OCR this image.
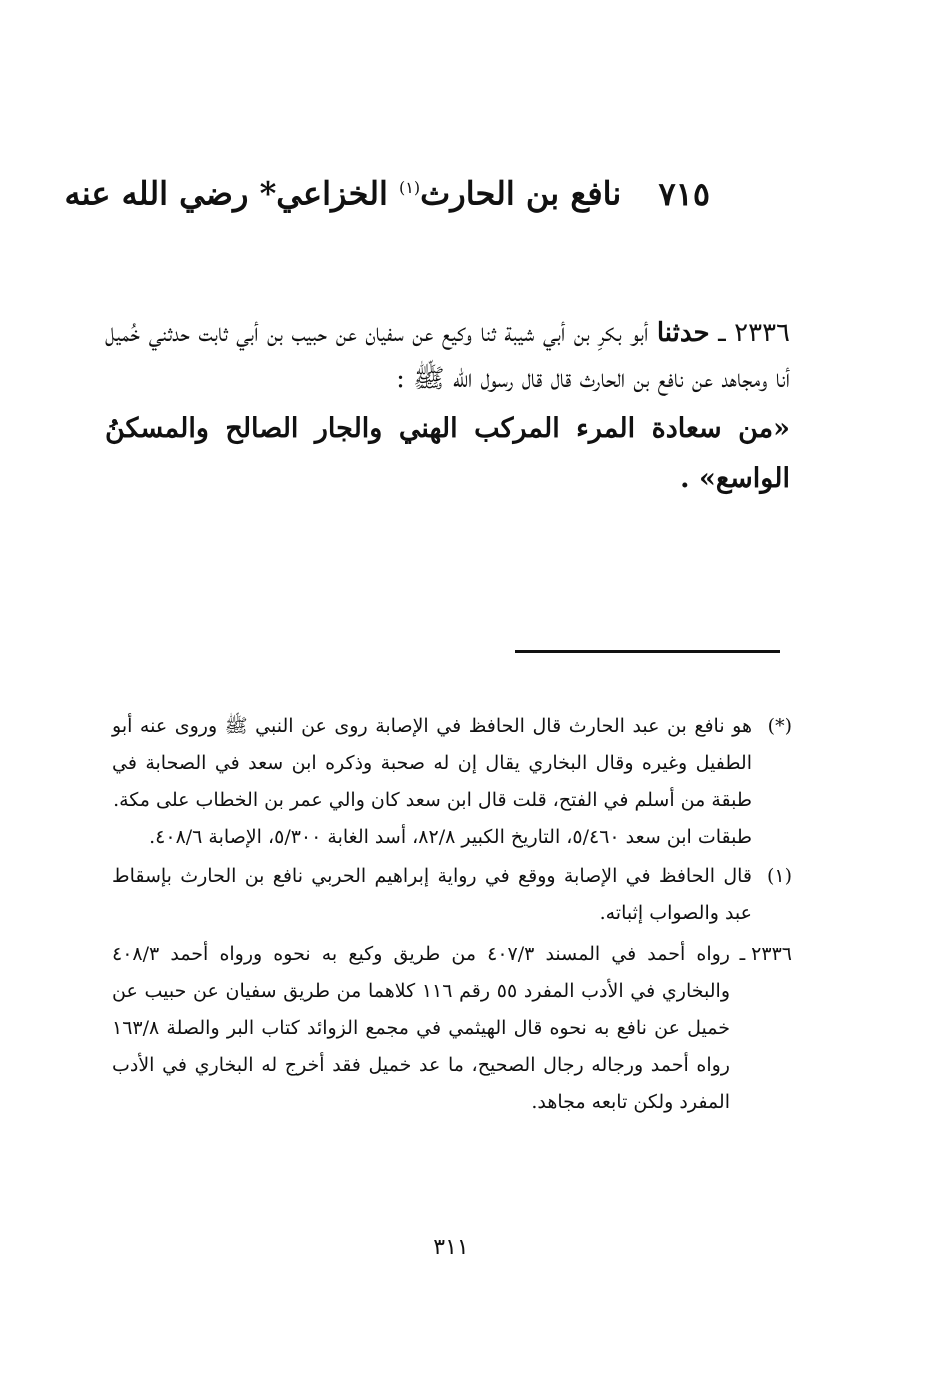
٧١٥ نافع بن الحارث$^{(١)}$ الخزاعي* رضي الله عنه
٢٣٣٦ ـ حدثنا أبو بكرِ بن أبي شيبة ثنا وكيع عن سفيان عن حبيب بن أبي ثابت حدثني خُميل أنا ومجاهد عن نافع بن الحارث قال قال رسول الله ﷺ :
«من سعادة المرء المركب الهني والجار الصالح والمسكنُ الواسع» .
(*)

هو نافع بن عبد الحارث قال الحافظ في الإصابة روى عن النبي ﷺ وروى عنه أبو الطفيل وغيره وقال البخاري يقال إن له صحبة وذكره ابن سعد في الصحابة في طبقة من أسلم في الفتح، قلت قال ابن سعد كان والي عمر بن الخطاب على مكة.

طبقات ابن سعد ٥/٤٦٠، التاريخ الكبير ٨٢/٨، أسد الغابة ٥/٣٠٠، الإصابة ٤٠٨/٦.

(١)

قال الحافظ في الإصابة ووقع في رواية إبراهيم الحربي نافع بن الحارث بإسقاط عبد والصواب إثباته.

٢٣٣٦ ـ

رواه أحمد في المسند ٤٠٧/٣ من طريق وكيع به نحوه ورواه أحمد ٤٠٨/٣ والبخاري في الأدب المفرد ٥٥ رقم ١١٦ كلاهما من طريق سفيان عن حبيب عن خميل عن نافع به نحوه قال الهيثمي في مجمع الزوائد كتاب البر والصلة ١٦٣/٨ رواه أحمد ورجاله رجال الصحيح، ما عد خميل فقد أخرج له البخاري في الأدب المفرد ولكن تابعه مجاهد.

٣١١
